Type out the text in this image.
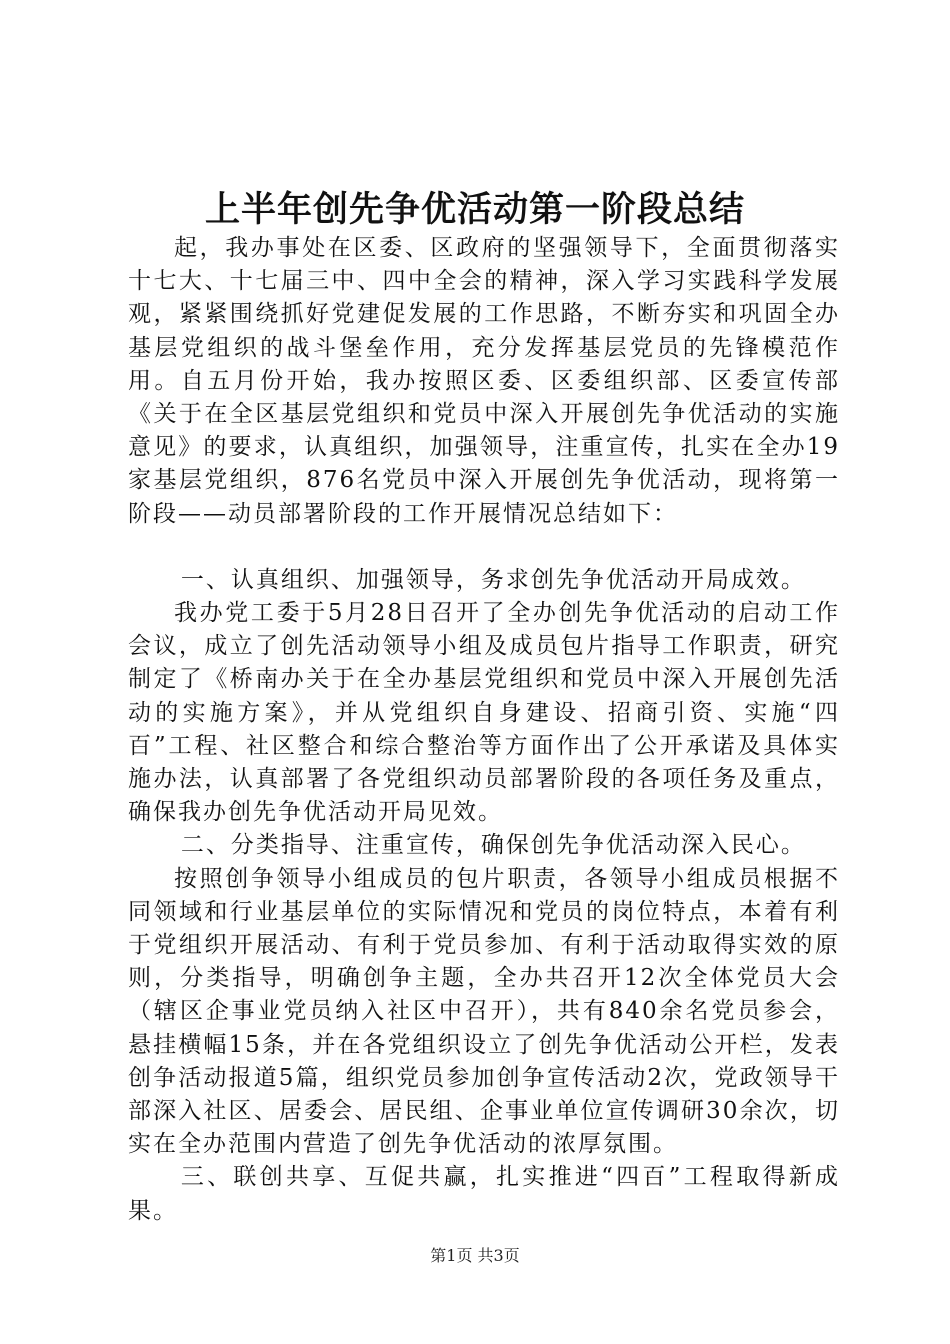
上半年创先争优活动第一阶段总结

起，我办事处在区委、区政府的坚强领导下，全面贯彻落实十七大、十七届三中、四中全会的精神，深入学习实践科学发展观，紧紧围绕抓好党建促发展的工作思路，不断夯实和巩固全办基层党组织的战斗堡垒作用，充分发挥基层党员的先锋模范作用。自五月份开始，我办按照区委、区委组织部、区委宣传部《关于在全区基层党组织和党员中深入开展创先争优活动的实施意见》的要求，认真组织，加强领导，注重宣传，扎实在全办19家基层党组织，876名党员中深入开展创先争优活动，现将第一阶段——动员部署阶段的工作开展情况总结如下：

一、认真组织、加强领导，务求创先争优活动开局成效。

我办党工委于5月28日召开了全办创先争优活动的启动工作会议，成立了创先活动领导小组及成员包片指导工作职责，研究制定了《桥南办关于在全办基层党组织和党员中深入开展创先活动的实施方案》，并从党组织自身建设、招商引资、实施“四百”工程、社区整合和综合整治等方面作出了公开承诺及具体实施办法，认真部署了各党组织动员部署阶段的各项任务及重点，确保我办创先争优活动开局见效。

二、分类指导、注重宣传，确保创先争优活动深入民心。

按照创争领导小组成员的包片职责，各领导小组成员根据不同领域和行业基层单位的实际情况和党员的岗位特点，本着有利于党组织开展活动、有利于党员参加、有利于活动取得实效的原则，分类指导，明确创争主题，全办共召开12次全体党员大会（辖区企事业党员纳入社区中召开），共有840余名党员参会，悬挂横幅15条，并在各党组织设立了创先争优活动公开栏，发表创争活动报道5篇，组织党员参加创争宣传活动2次，党政领导干部深入社区、居委会、居民组、企事业单位宣传调研30余次，切实在全办范围内营造了创先争优活动的浓厚氛围。

三、联创共享、互促共赢，扎实推进“四百”工程取得新成果。

第1页 共3页
